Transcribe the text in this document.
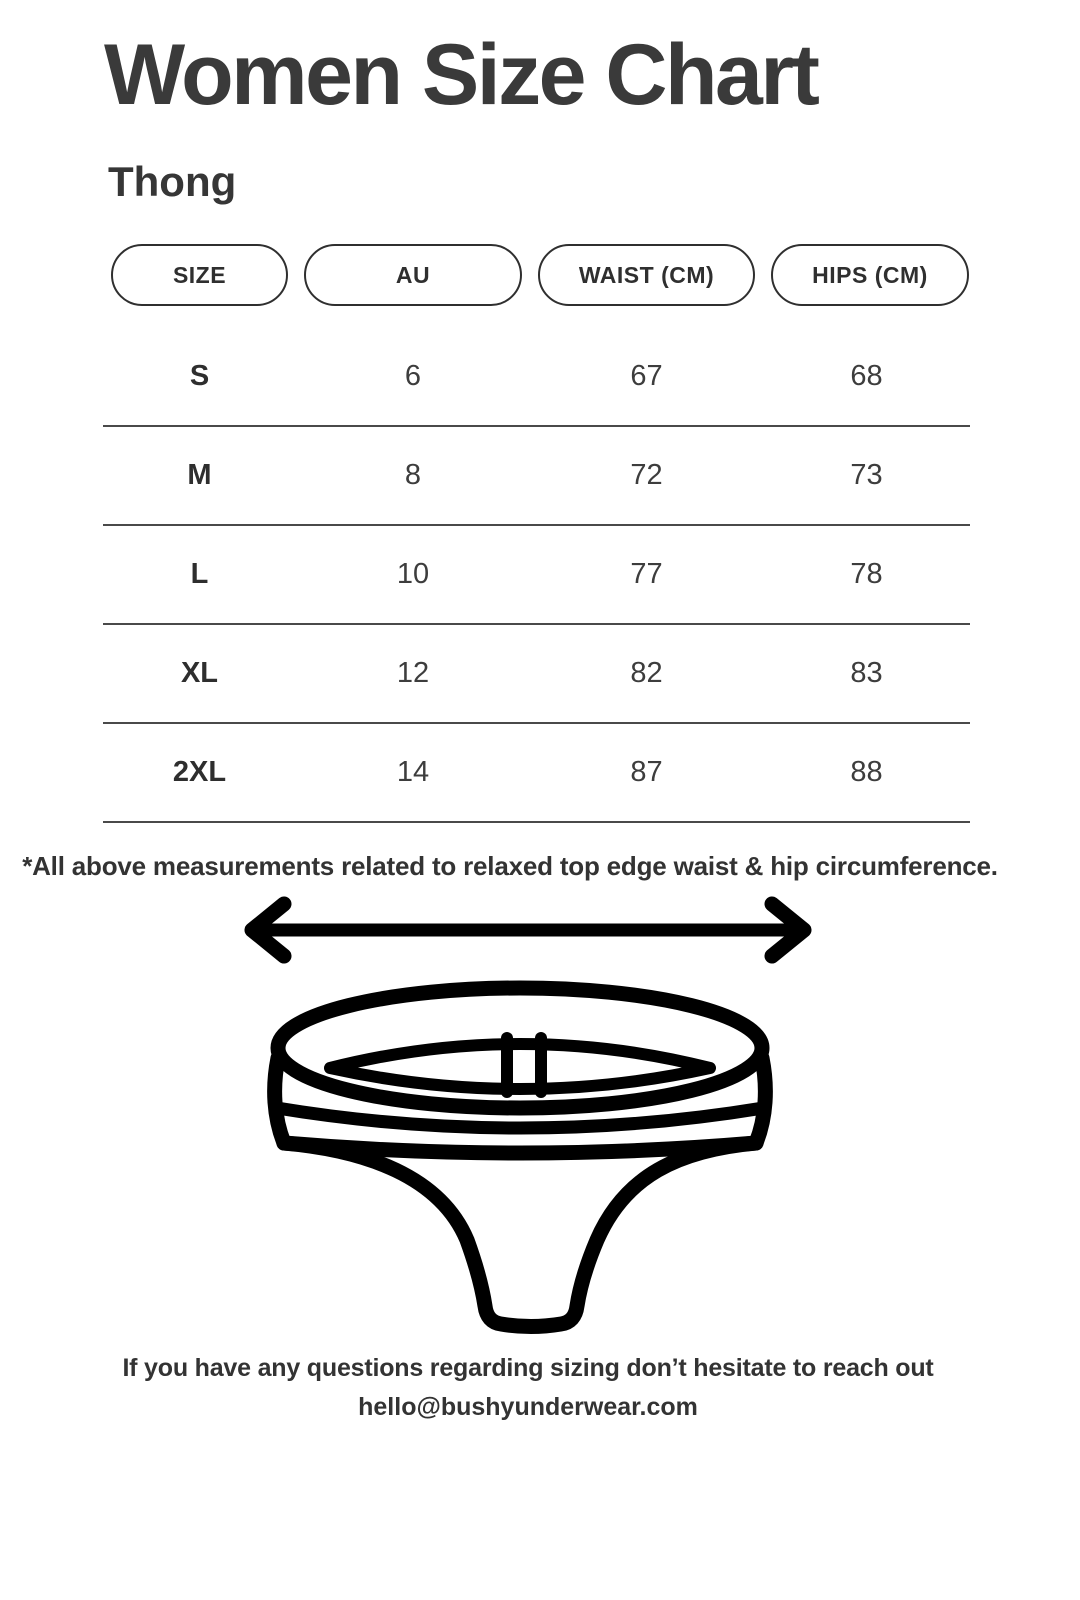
Women Size Chart
Thong
SIZE	AU	WAIST (CM)	HIPS (CM)
S	6	67	68
M	8	72	73
L	10	77	78
XL	12	82	83
2XL	14	87	88

*All above measurements related to relaxed top edge waist & hip circumference.

If you have any questions regarding sizing don’t hesitate to reach out

hello@bushyunderwear.com
